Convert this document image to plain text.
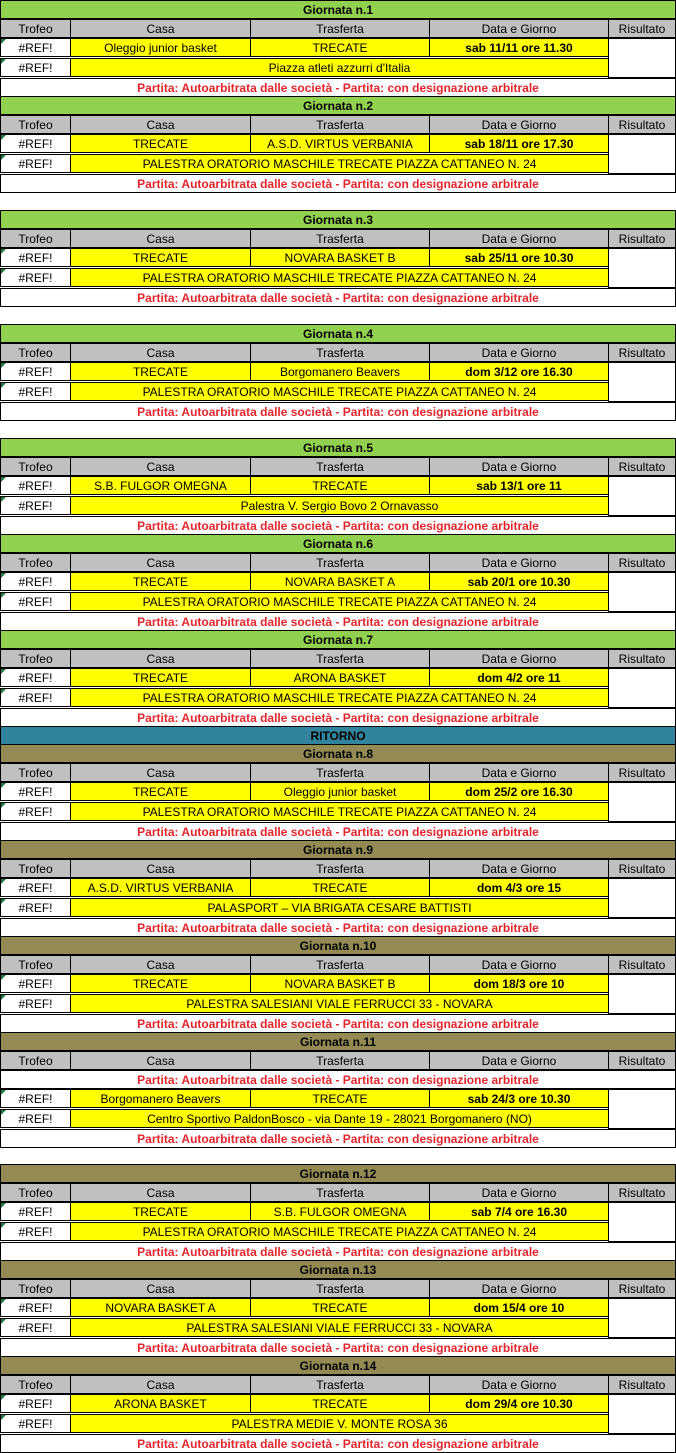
RITORNO
Giornata n.1
Trofeo	Casa	Trasferta	Data e Giorno	Risultato
#REF!	Oleggio junior basket	TRECATE	sab 11/11 ore 11.30
#REF!	Piazza atleti azzurri d'Italia
Partita: Autoarbitrata dalle società - Partita: con designazione arbitrale
Giornata n.2
Trofeo	Casa	Trasferta	Data e Giorno	Risultato
#REF!	TRECATE	A.S.D. VIRTUS VERBANIA	sab 18/11 ore 17.30
#REF!	PALESTRA ORATORIO MASCHILE TRECATE PIAZZA CATTANEO N. 24
Partita: Autoarbitrata dalle società - Partita: con designazione arbitrale
Giornata n.3
Trofeo	Casa	Trasferta	Data e Giorno	Risultato
#REF!	TRECATE	NOVARA BASKET B	sab 25/11 ore 10.30
#REF!	PALESTRA ORATORIO MASCHILE TRECATE PIAZZA CATTANEO N. 24
Partita: Autoarbitrata dalle società - Partita: con designazione arbitrale
Giornata n.4
Trofeo	Casa	Trasferta	Data e Giorno	Risultato
#REF!	TRECATE	Borgomanero Beavers	dom 3/12 ore 16.30
#REF!	PALESTRA ORATORIO MASCHILE TRECATE PIAZZA CATTANEO N. 24
Partita: Autoarbitrata dalle società - Partita: con designazione arbitrale
Giornata n.5
Trofeo	Casa	Trasferta	Data e Giorno	Risultato
#REF!	S.B. FULGOR OMEGNA	TRECATE	sab 13/1 ore 11
#REF!	Palestra V. Sergio Bovo 2 Ornavasso
Partita: Autoarbitrata dalle società - Partita: con designazione arbitrale
Giornata n.6
Trofeo	Casa	Trasferta	Data e Giorno	Risultato
#REF!	TRECATE	NOVARA BASKET A	sab 20/1 ore 10.30
#REF!	PALESTRA ORATORIO MASCHILE TRECATE PIAZZA CATTANEO N. 24
Partita: Autoarbitrata dalle società - Partita: con designazione arbitrale
Giornata n.7
Trofeo	Casa	Trasferta	Data e Giorno	Risultato
#REF!	TRECATE	ARONA BASKET	dom 4/2 ore 11
#REF!	PALESTRA ORATORIO MASCHILE TRECATE PIAZZA CATTANEO N. 24
Partita: Autoarbitrata dalle società - Partita: con designazione arbitrale
Giornata n.8
Trofeo	Casa	Trasferta	Data e Giorno	Risultato
#REF!	TRECATE	Oleggio junior basket	dom 25/2 ore 16.30
#REF!	PALESTRA ORATORIO MASCHILE TRECATE PIAZZA CATTANEO N. 24
Partita: Autoarbitrata dalle società - Partita: con designazione arbitrale
Giornata n.9
Trofeo	Casa	Trasferta	Data e Giorno	Risultato
#REF!	A.S.D. VIRTUS VERBANIA	TRECATE	dom 4/3 ore 15
#REF!	PALASPORT – VIA BRIGATA CESARE BATTISTI
Partita: Autoarbitrata dalle società - Partita: con designazione arbitrale
Giornata n.10
Trofeo	Casa	Trasferta	Data e Giorno	Risultato
#REF!	TRECATE	NOVARA BASKET B	dom 18/3 ore 10
#REF!	PALESTRA SALESIANI VIALE FERRUCCI 33 - NOVARA
Partita: Autoarbitrata dalle società - Partita: con designazione arbitrale
Giornata n.11
Trofeo	Casa	Trasferta	Data e Giorno	Risultato
Partita: Autoarbitrata dalle società - Partita: con designazione arbitrale
#REF!	Borgomanero Beavers	TRECATE	sab 24/3 ore 10.30
#REF!	Centro Sportivo PaldonBosco - via Dante 19 - 28021 Borgomanero (NO)
Partita: Autoarbitrata dalle società - Partita: con designazione arbitrale
Giornata n.12
Trofeo	Casa	Trasferta	Data e Giorno	Risultato
#REF!	TRECATE	S.B. FULGOR OMEGNA	sab 7/4 ore 16.30
#REF!	PALESTRA ORATORIO MASCHILE TRECATE PIAZZA CATTANEO N. 24
Partita: Autoarbitrata dalle società - Partita: con designazione arbitrale
Giornata n.13
Trofeo	Casa	Trasferta	Data e Giorno	Risultato
#REF!	NOVARA BASKET A	TRECATE	dom 15/4 ore 10
#REF!	PALESTRA SALESIANI VIALE FERRUCCI 33 - NOVARA
Partita: Autoarbitrata dalle società - Partita: con designazione arbitrale
Giornata n.14
Trofeo	Casa	Trasferta	Data e Giorno	Risultato
#REF!	ARONA BASKET	TRECATE	dom 29/4 ore 10.30
#REF!	PALESTRA MEDIE V. MONTE ROSA 36
Partita: Autoarbitrata dalle società - Partita: con designazione arbitrale
